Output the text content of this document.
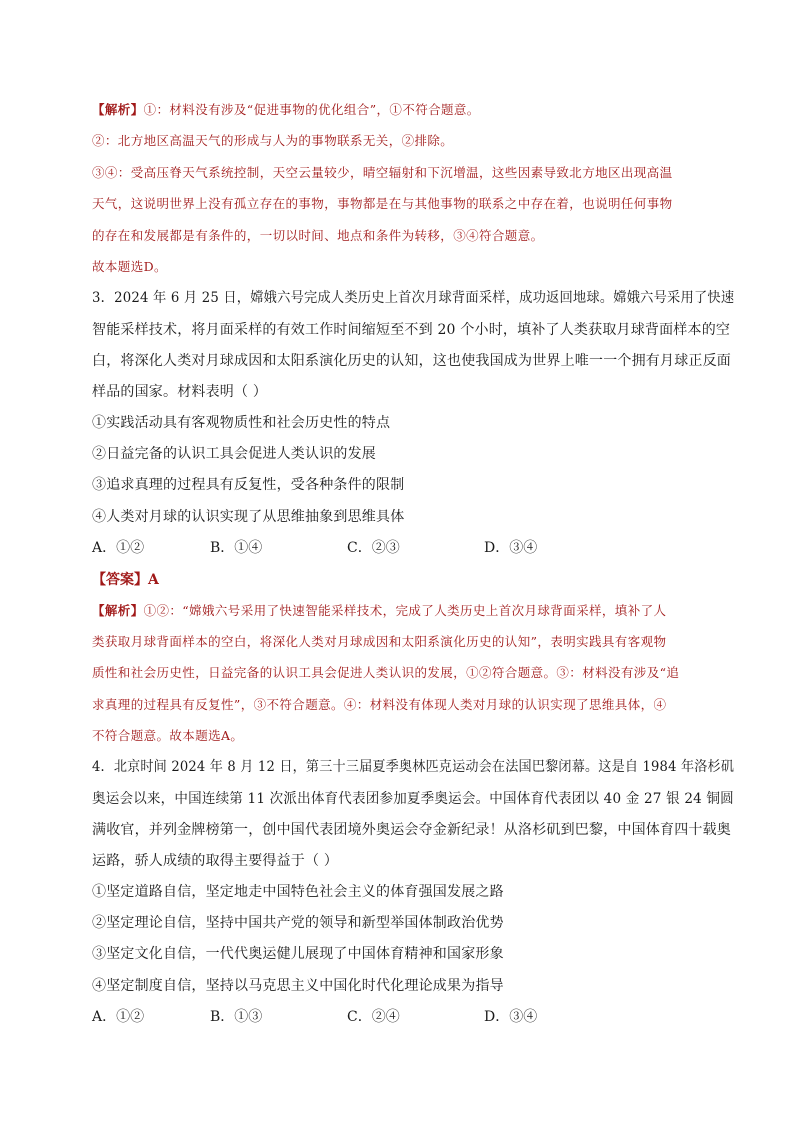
【解析】①：材料没有涉及“促进事物的优化组合”，①不符合题意。
②：北方地区高温天气的形成与人为的事物联系无关，②排除。
③④：受高压脊天气系统控制，天空云量较少，晴空辐射和下沉增温，这些因素导致北方地区出现高温
天气，这说明世界上没有孤立存在的事物，事物都是在与其他事物的联系之中存在着，也说明任何事物
的存在和发展都是有条件的，一切以时间、地点和条件为转移，③④符合题意。
故本题选D。
3．2024 年 6 月 25 日，嫦娥六号完成人类历史上首次月球背面采样，成功返回地球。嫦娥六号采用了快速
智能采样技术，将月面采样的有效工作时间缩短至不到 20 个小时，填补了人类获取月球背面样本的空
白，将深化人类对月球成因和太阳系演化历史的认知，这也使我国成为世界上唯一一个拥有月球正反面
样品的国家。材料表明（ ）
①实践活动具有客观物质性和社会历史性的特点
②日益完备的认识工具会促进人类认识的发展
③追求真理的过程具有反复性，受各种条件的限制
④人类对月球的认识实现了从思维抽象到思维具体
A．①②	B．①④	C．②③	D．③④
【答案】A
【解析】①②：“嫦娥六号采用了快速智能采样技术，完成了人类历史上首次月球背面采样，填补了人
类获取月球背面样本的空白，将深化人类对月球成因和太阳系演化历史的认知”，表明实践具有客观物
质性和社会历史性，日益完备的认识工具会促进人类认识的发展，①②符合题意。③：材料没有涉及“追
求真理的过程具有反复性”，③不符合题意。④：材料没有体现人类对月球的认识实现了思维具体，④
不符合题意。故本题选A。
4．北京时间 2024 年 8 月 12 日，第三十三届夏季奥林匹克运动会在法国巴黎闭幕。这是自 1984 年洛杉矶
奥运会以来，中国连续第 11 次派出体育代表团参加夏季奥运会。中国体育代表团以 40 金 27 银 24 铜圆
满收官，并列金牌榜第一，创中国代表团境外奥运会夺金新纪录！从洛杉矶到巴黎，中国体育四十载奥
运路，骄人成绩的取得主要得益于（ ）
①坚定道路自信，坚定地走中国特色社会主义的体育强国发展之路
②坚定理论自信，坚持中国共产党的领导和新型举国体制政治优势
③坚定文化自信，一代代奥运健儿展现了中国体育精神和国家形象
④坚定制度自信，坚持以马克思主义中国化时代化理论成果为指导
A．①②	B．①③	C．②④	D．③④
